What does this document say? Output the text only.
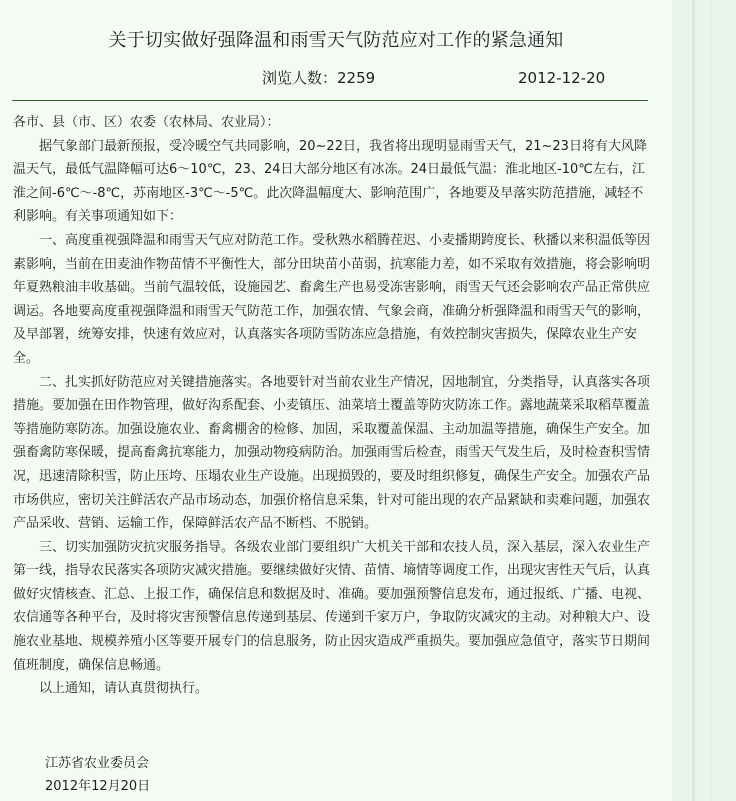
关于切实做好强降温和雨雪天气防范应对工作的紧急通知
浏览人数：2259	2012-12-20

各市、县（市、区）农委（农林局、农业局）：

据气象部门最新预报，受冷暖空气共同影响，20~22日，我省将出现明显雨雪天气，21~23日将有大风降温天气，最低气温降幅可达6～10℃，23、24日大部分地区有冰冻。24日最低气温：淮北地区-10℃左右，江淮之间-6℃～-8℃，苏南地区-3℃～-5℃。此次降温幅度大、影响范围广，各地要及早落实防范措施，减轻不利影响。有关事项通知如下：

一、高度重视强降温和雨雪天气应对防范工作。受秋熟水稻腾茬迟、小麦播期跨度长、秋播以来积温低等因素影响，当前在田麦油作物苗情不平衡性大，部分田块苗小苗弱，抗寒能力差，如不采取有效措施，将会影响明年夏熟粮油丰收基础。当前气温较低，设施园艺、畜禽生产也易受冻害影响，雨雪天气还会影响农产品正常供应调运。各地要高度重视强降温和雨雪天气防范工作，加强农情、气象会商，准确分析强降温和雨雪天气的影响，及早部署，统筹安排，快速有效应对，认真落实各项防雪防冻应急措施，有效控制灾害损失，保障农业生产安全。

二、扎实抓好防范应对关键措施落实。各地要针对当前农业生产情况，因地制宜，分类指导，认真落实各项措施。要加强在田作物管理，做好沟系配套、小麦镇压、油菜培土覆盖等防灾防冻工作。露地蔬菜采取稻草覆盖等措施防寒防冻。加强设施农业、畜禽棚舍的检修、加固，采取覆盖保温、主动加温等措施，确保生产安全。加强畜禽防寒保暖，提高畜禽抗寒能力，加强动物疫病防治。加强雨雪后检查，雨雪天气发生后，及时检查积雪情况，迅速清除积雪，防止压垮、压塌农业生产设施。出现损毁的，要及时组织修复，确保生产安全。加强农产品市场供应，密切关注鲜活农产品市场动态，加强价格信息采集，针对可能出现的农产品紧缺和卖难问题，加强农产品采收、营销、运输工作，保障鲜活农产品不断档、不脱销。

三、切实加强防灾抗灾服务指导。各级农业部门要组织广大机关干部和农技人员，深入基层，深入农业生产第一线，指导农民落实各项防灾减灾措施。要继续做好灾情、苗情、墒情等调度工作，出现灾害性天气后，认真做好灾情核查、汇总、上报工作，确保信息和数据及时、准确。要加强预警信息发布，通过报纸、广播、电视、农信通等各种平台，及时将灾害预警信息传递到基层、传递到千家万户，争取防灾减灾的主动。对种粮大户、设施农业基地、规模养殖小区等要开展专门的信息服务，防止因灾造成严重损失。要加强应急值守，落实节日期间值班制度，确保信息畅通。

以上通知，请认真贯彻执行。

江苏省农业委员会
2012年12月20日
